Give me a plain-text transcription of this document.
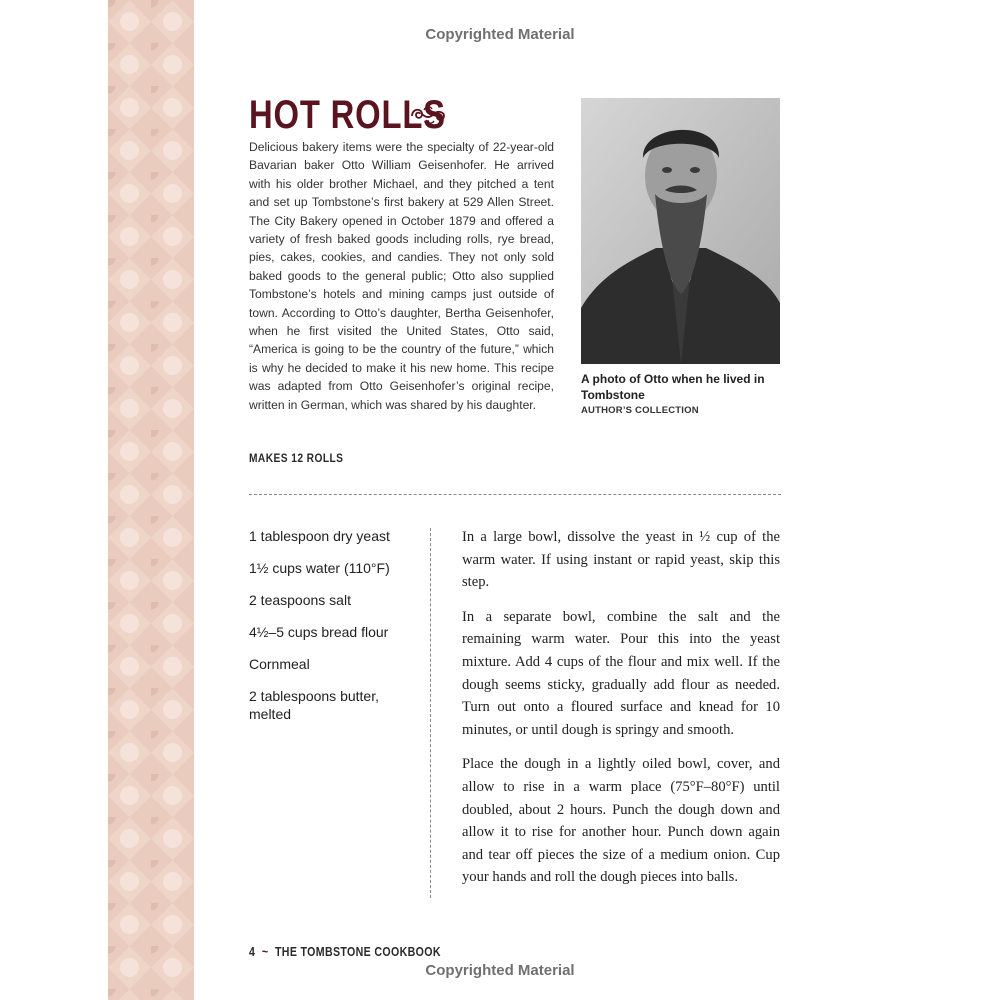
Copyrighted Material
HOT ROLLS

Delicious bakery items were the specialty of 22-year-old Bavarian baker Otto William Geisenhofer. He arrived with his older brother Michael, and they pitched a tent and set up Tombstone’s first bakery at 529 Allen Street. The City Bakery opened in October 1879 and offered a variety of fresh baked goods including rolls, rye bread, pies, cakes, cookies, and candies. They not only sold baked goods to the general public; Otto also supplied Tombstone’s hotels and mining camps just outside of town. According to Otto’s daughter, Bertha Geisenhofer, when he first visited the United States, Otto said, “America is going to be the country of the future,” which is why he decided to make it his new home. This recipe was adapted from Otto Geisenhofer’s original recipe, written in German, which was shared by his daughter.

MAKES 12 ROLLS

A photo of Otto when he lived in Tombstone

AUTHOR’S COLLECTION

1 tablespoon dry yeast
1½ cups water (110°F)
2 teaspoons salt
4½–5 cups bread flour
Cornmeal
2 tablespoons butter, melted

In a large bowl, dissolve the yeast in ½ cup of the warm water. If using instant or rapid yeast, skip this step.

In a separate bowl, combine the salt and the remaining warm water. Pour this into the yeast mixture. Add 4 cups of the flour and mix well. If the dough seems sticky, gradually add flour as needed. Turn out onto a floured surface and knead for 10 minutes, or until dough is springy and smooth.

Place the dough in a lightly oiled bowl, cover, and allow to rise in a warm place (75°F–80°F) until doubled, about 2 hours. Punch the dough down and allow it to rise for another hour. Punch down again and tear off pieces the size of a medium onion. Cup your hands and roll the dough pieces into balls.

4  ~  THE TOMBSTONE COOKBOOK

Copyrighted Material
